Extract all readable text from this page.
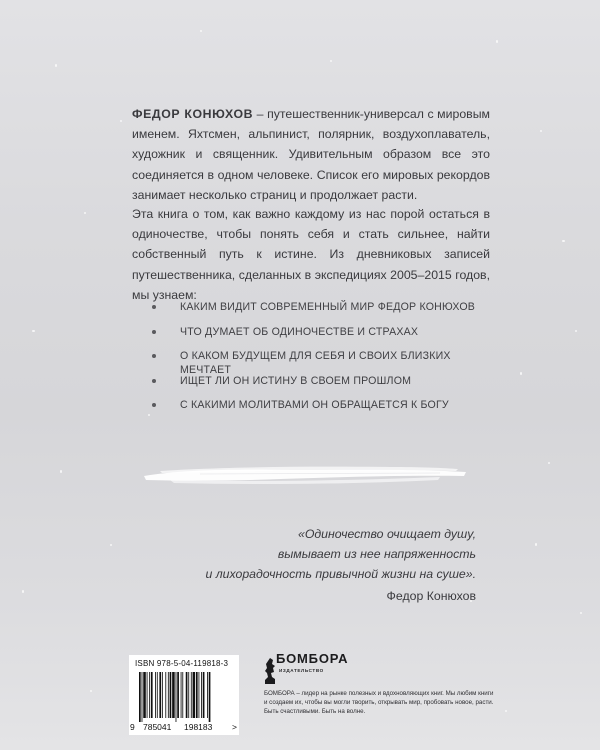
ФЕДОР КОНЮХОВ – путешественник-универсал с мировым именем. Яхтсмен, альпинист, полярник, воздухоплаватель, художник и священник. Удивительным образом все это соединяется в одном человеке. Список его мировых рекордов занимает несколько страниц и продолжает расти.

Эта книга о том, как важно каждому из нас порой остаться в одиночестве, чтобы понять себя и стать сильнее, найти собственный путь к истине. Из дневниковых записей путешественника, сделанных в экспедициях 2005–2015 годов, мы узнаем:

КАКИМ ВИДИТ СОВРЕМЕННЫЙ МИР ФЕДОР КОНЮХОВ
ЧТО ДУМАЕТ ОБ ОДИНОЧЕСТВЕ И СТРАХАХ
О КАКОМ БУДУЩЕМ ДЛЯ СЕБЯ И СВОИХ БЛИЗКИХ МЕЧТАЕТ
ИЩЕТ ЛИ ОН ИСТИНУ В СВОЕМ ПРОШЛОМ
С КАКИМИ МОЛИТВАМИ ОН ОБРАЩАЕТСЯ К БОГУ
«Одиночество очищает душу,
вымывает из нее напряженность
и лихорадочность привычной жизни на суше».
Федор Конюхов
ISBN 978-5-04-119818-3
9 785041 198183 >
БОМБОРА
ИЗДАТЕЛЬСТВО
БОМБОРА – лидер на рынке полезных и вдохновляющих книг. Мы любим книги и создаем их, чтобы вы могли творить, открывать мир, пробовать новое, расти. Быть счастливыми. Быть на волне.
